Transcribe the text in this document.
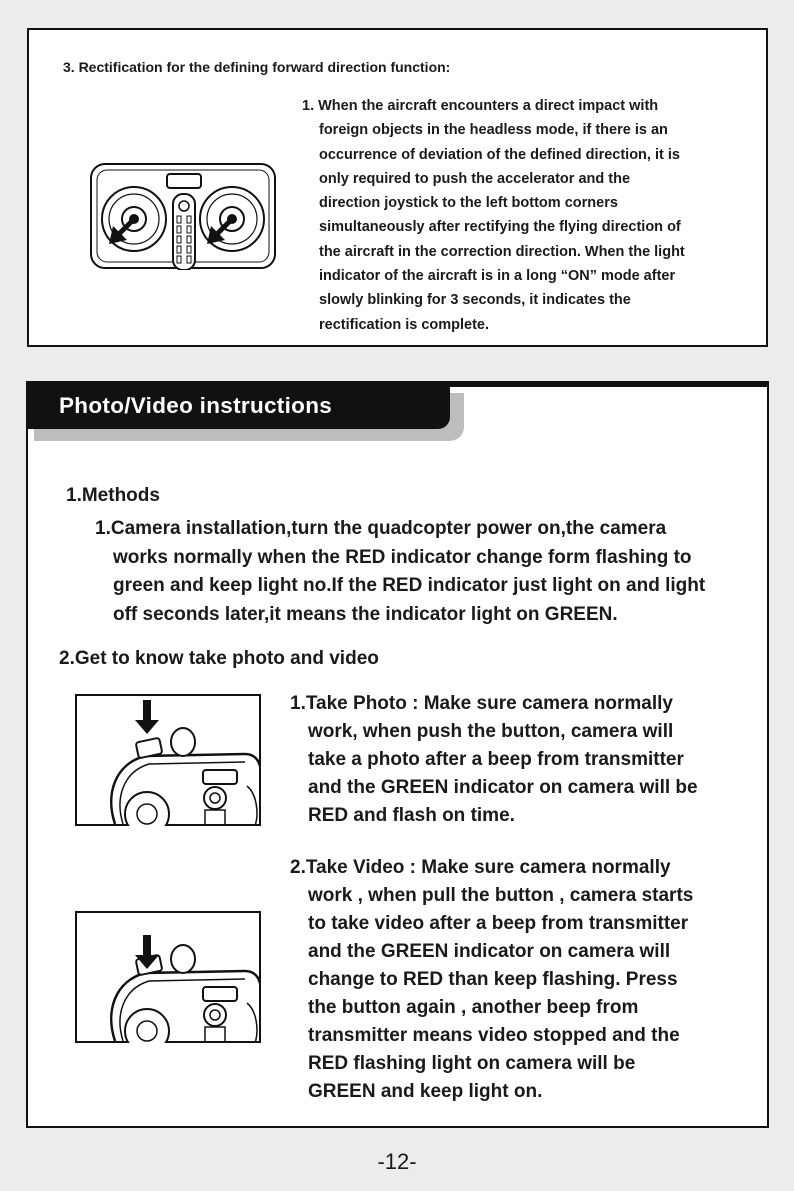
3. Rectification for the defining forward direction function:

1. When the aircraft encounters a direct impact with
foreign objects in the headless mode, if there is an
occurrence of deviation of the defined direction, it is
only required to push the accelerator and the
direction joystick to the left bottom corners
simultaneously after rectifying the flying direction of
the aircraft in the correction direction. When the light
indicator of the aircraft is in a long “ON” mode after
slowly blinking for 3 seconds, it indicates the
rectification is complete.

Photo/Video instructions
1.Methods

1.Camera installation,turn the quadcopter power on,the camera
works normally when the RED indicator change form flashing to
green and keep light no.If the RED indicator just light on and light
off seconds later,it means the indicator light on GREEN.

2.Get to know take photo and video

1.Take Photo : Make sure camera normally
work, when push the button, camera will
take a photo after a beep from transmitter
and the GREEN indicator on camera will be
RED and flash on time.

2.Take Video : Make sure camera normally
work , when pull the button , camera starts
to take video after a beep from transmitter
and the GREEN indicator on camera will
change to RED than keep flashing. Press
the button again , another beep from
transmitter means video stopped and the
RED flashing light on camera will be
GREEN and keep light on.

-12-
